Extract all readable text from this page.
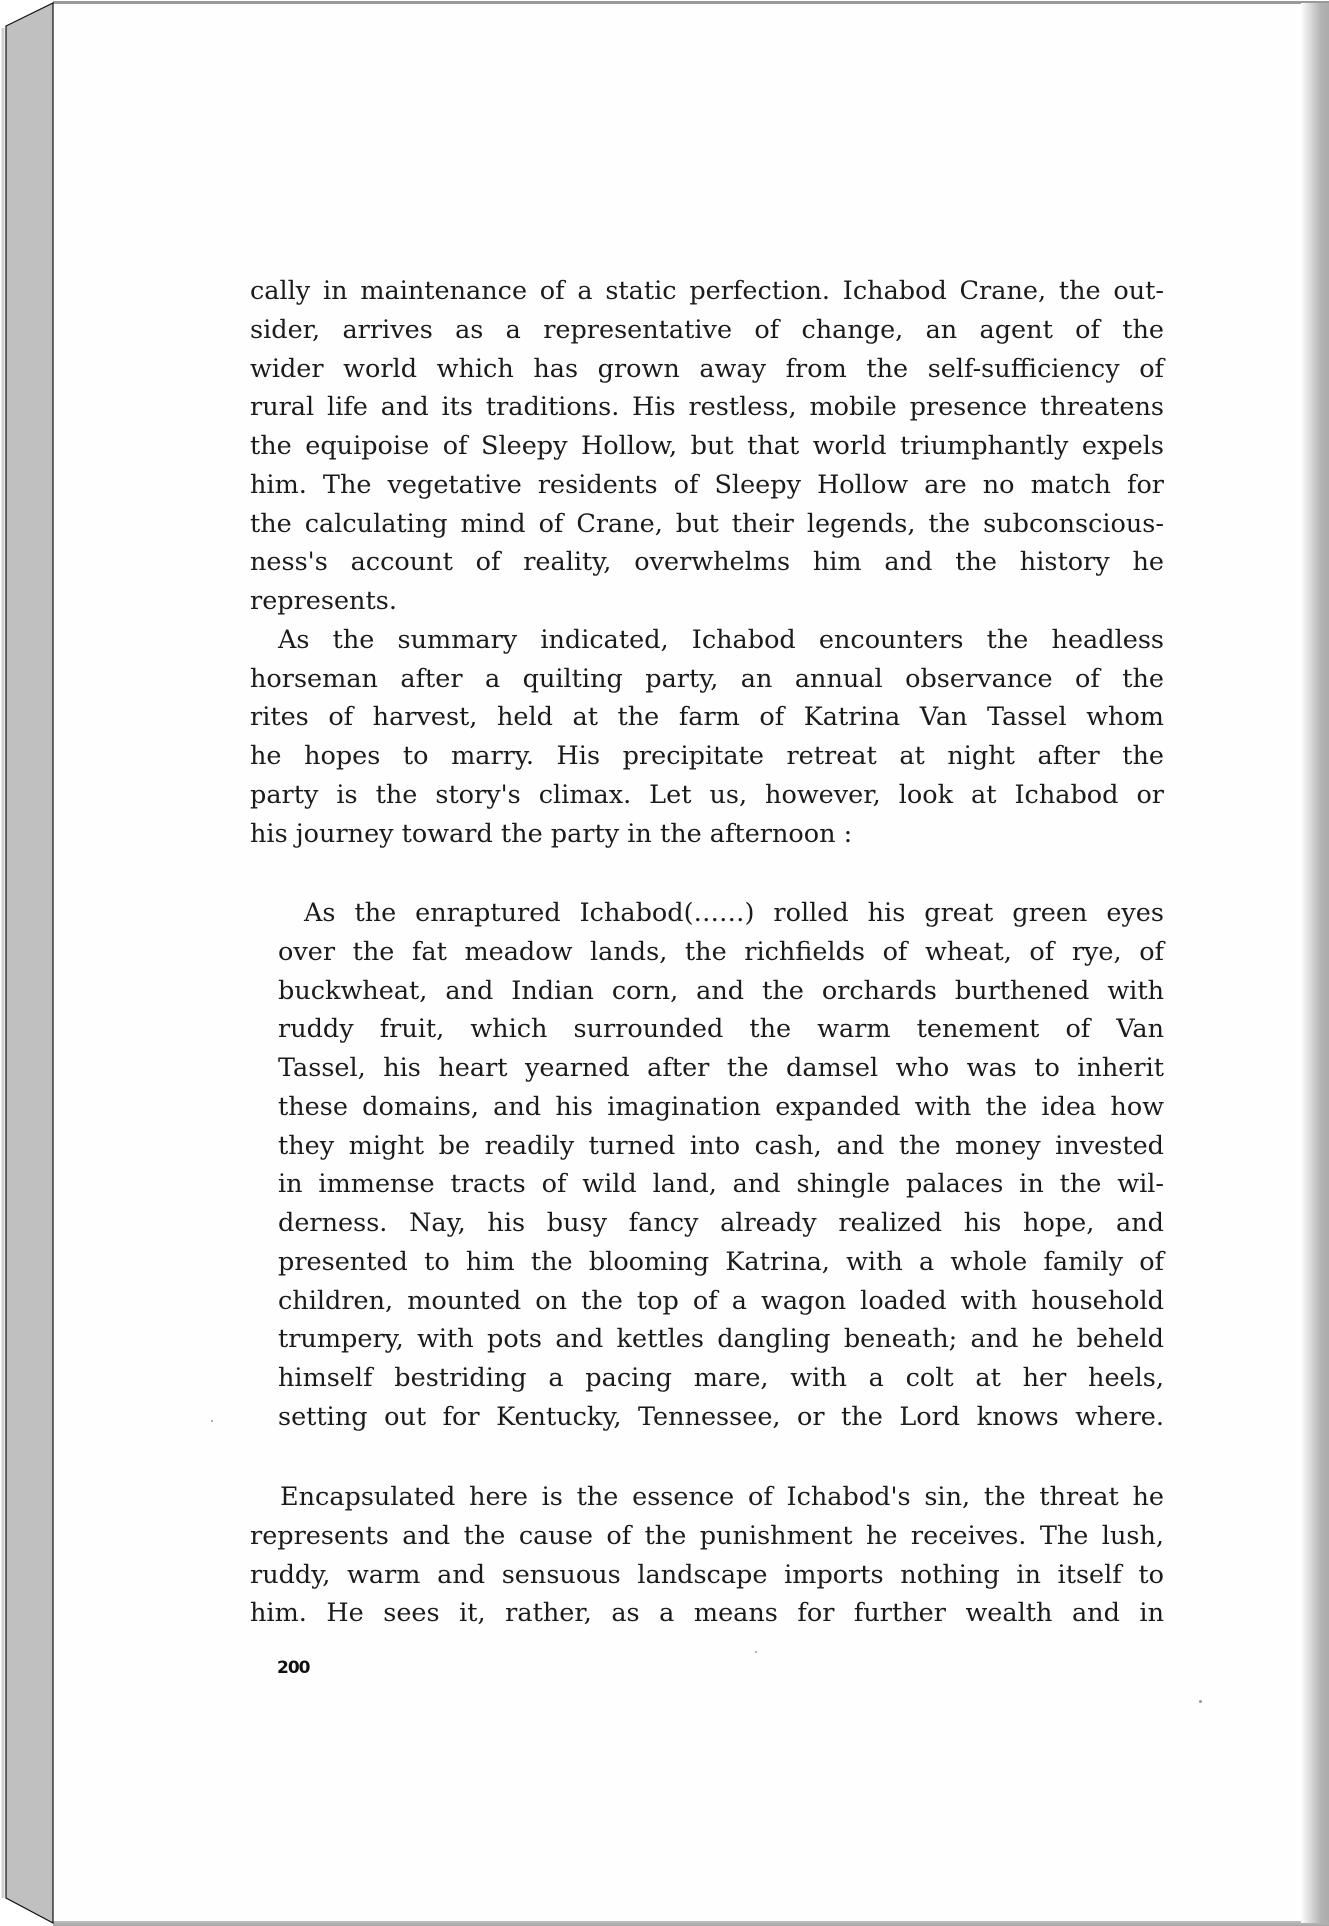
cally in maintenance of a static perfection. Ichabod Crane, the out-
sider, arrives as a representative of change, an agent of the
wider world which has grown away from the self-sufficiency of
rural life and its traditions. His restless, mobile presence threatens
the equipoise of Sleepy Hollow, but that world triumphantly expels
him. The vegetative residents of Sleepy Hollow are no match for
the calculating mind of Crane, but their legends, the subconscious-
ness's account of reality, overwhelms him and the history he
represents.
As the summary indicated, Ichabod encounters the headless
horseman after a quilting party, an annual observance of the
rites of harvest, held at the farm of Katrina Van Tassel whom
he hopes to marry. His precipitate retreat at night after the
party is the story's climax. Let us, however, look at Ichabod or
his journey toward the party in the afternoon :
As the enraptured Ichabod(……) rolled his great green eyes
over the fat meadow lands, the richfields of wheat, of rye, of
buckwheat, and Indian corn, and the orchards burthened with
ruddy fruit, which surrounded the warm tenement of Van
Tassel, his heart yearned after the damsel who was to inherit
these domains, and his imagination expanded with the idea how
they might be readily turned into cash, and the money invested
in immense tracts of wild land, and shingle palaces in the wil-
derness. Nay, his busy fancy already realized his hope, and
presented to him the blooming Katrina, with a whole family of
children, mounted on the top of a wagon loaded with household
trumpery, with pots and kettles dangling beneath; and he beheld
himself bestriding a pacing mare, with a colt at her heels,
setting out for Kentucky, Tennessee, or the Lord knows where.
Encapsulated here is the essence of Ichabod's sin, the threat he
represents and the cause of the punishment he receives. The lush,
ruddy, warm and sensuous landscape imports nothing in itself to
him. He sees it, rather, as a means for further wealth and in
200
